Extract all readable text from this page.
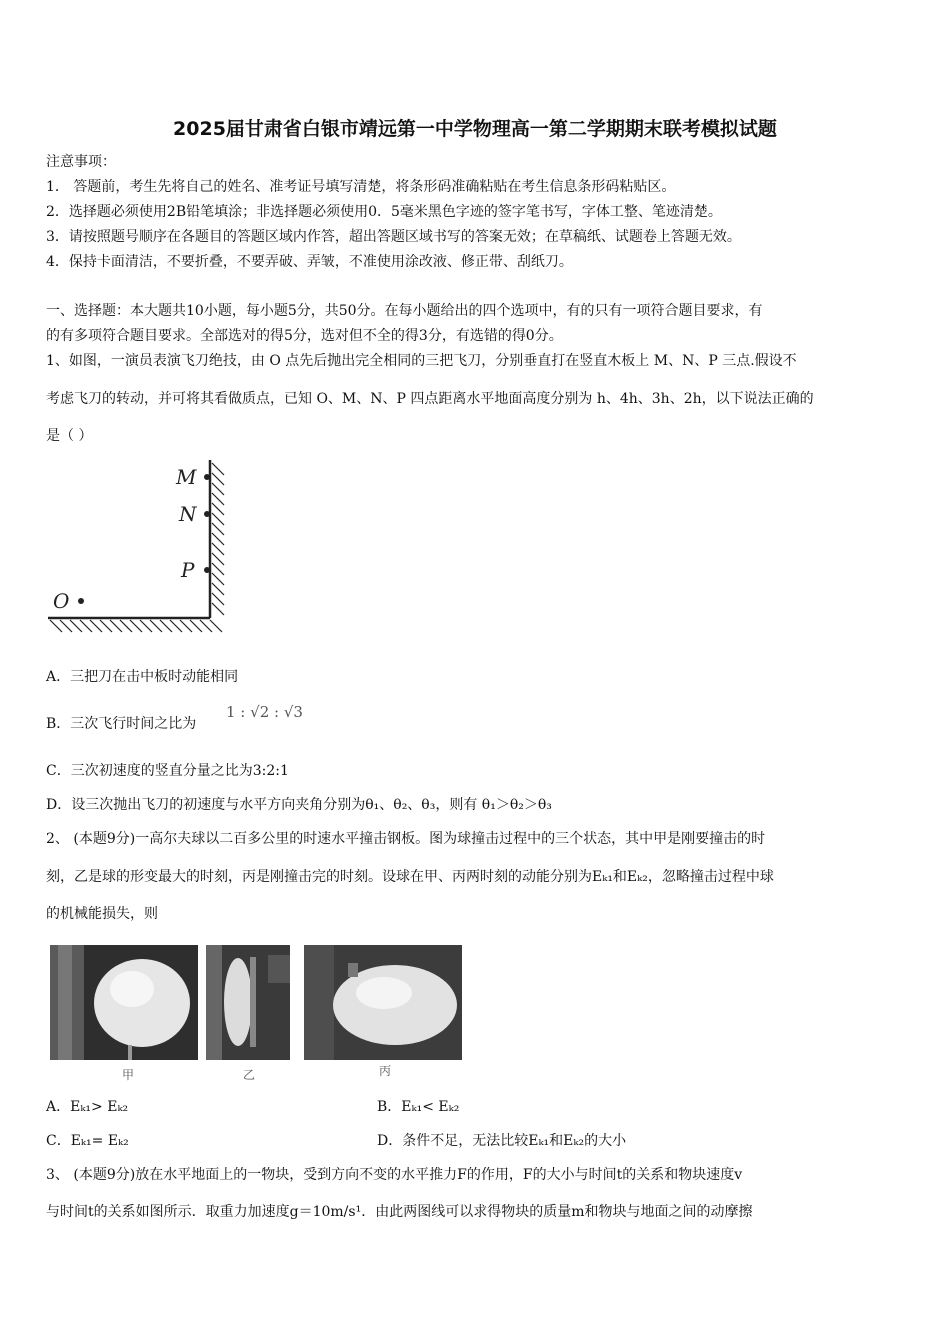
2025届甘肃省白银市靖远第一中学物理高一第二学期期末联考模拟试题
注意事项：
1． 答题前，考生先将自己的姓名、准考证号填写清楚，将条形码准确粘贴在考生信息条形码粘贴区。
2．选择题必须使用2B铅笔填涂；非选择题必须使用0．5毫米黑色字迹的签字笔书写，字体工整、笔迹清楚。
3．请按照题号顺序在各题目的答题区域内作答，超出答题区域书写的答案无效；在草稿纸、试题卷上答题无效。
4．保持卡面清洁，不要折叠，不要弄破、弄皱，不准使用涂改液、修正带、刮纸刀。
一、选择题：本大题共10小题，每小题5分，共50分。在每小题给出的四个选项中，有的只有一项符合题目要求，有
的有多项符合题目要求。全部选对的得5分，选对但不全的得3分，有选错的得0分。
1、如图，一演员表演飞刀绝技，由 O 点先后抛出完全相同的三把飞刀，分别垂直打在竖直木板上 M、N、P 三点.假设不
考虑飞刀的转动，并可将其看做质点，已知 O、M、N、P 四点距离水平地面高度分别为 h、4h、3h、2h，以下说法正确的
是（ ）
M
N
P
O
A．三把刀在击中板时动能相同
B．三次飞行时间之比为
1 : √2 : √3
C．三次初速度的竖直分量之比为3:2:1
D．设三次抛出飞刀的初速度与水平方向夹角分别为θ₁、θ₂、θ₃，则有 θ₁＞θ₂＞θ₃
2、 (本题9分)一高尔夫球以二百多公里的时速水平撞击钢板。图为球撞击过程中的三个状态，其中甲是刚要撞击的时
刻，乙是球的形变最大的时刻，丙是刚撞击完的时刻。设球在甲、丙两时刻的动能分别为Eₖ₁和Eₖ₂，忽略撞击过程中球
的机械能损失，则
甲	乙	丙
A．Eₖ₁> Eₖ₂	B．Eₖ₁< Eₖ₂
C．Eₖ₁= Eₖ₂	D．条件不足，无法比较Eₖ₁和Eₖ₂的大小
3、 (本题9分)放在水平地面上的一物块，受到方向不变的水平推力F的作用，F的大小与时间t的关系和物块速度v
与时间t的关系如图所示．取重力加速度g＝10m/s¹．由此两图线可以求得物块的质量m和物块与地面之间的动摩擦
